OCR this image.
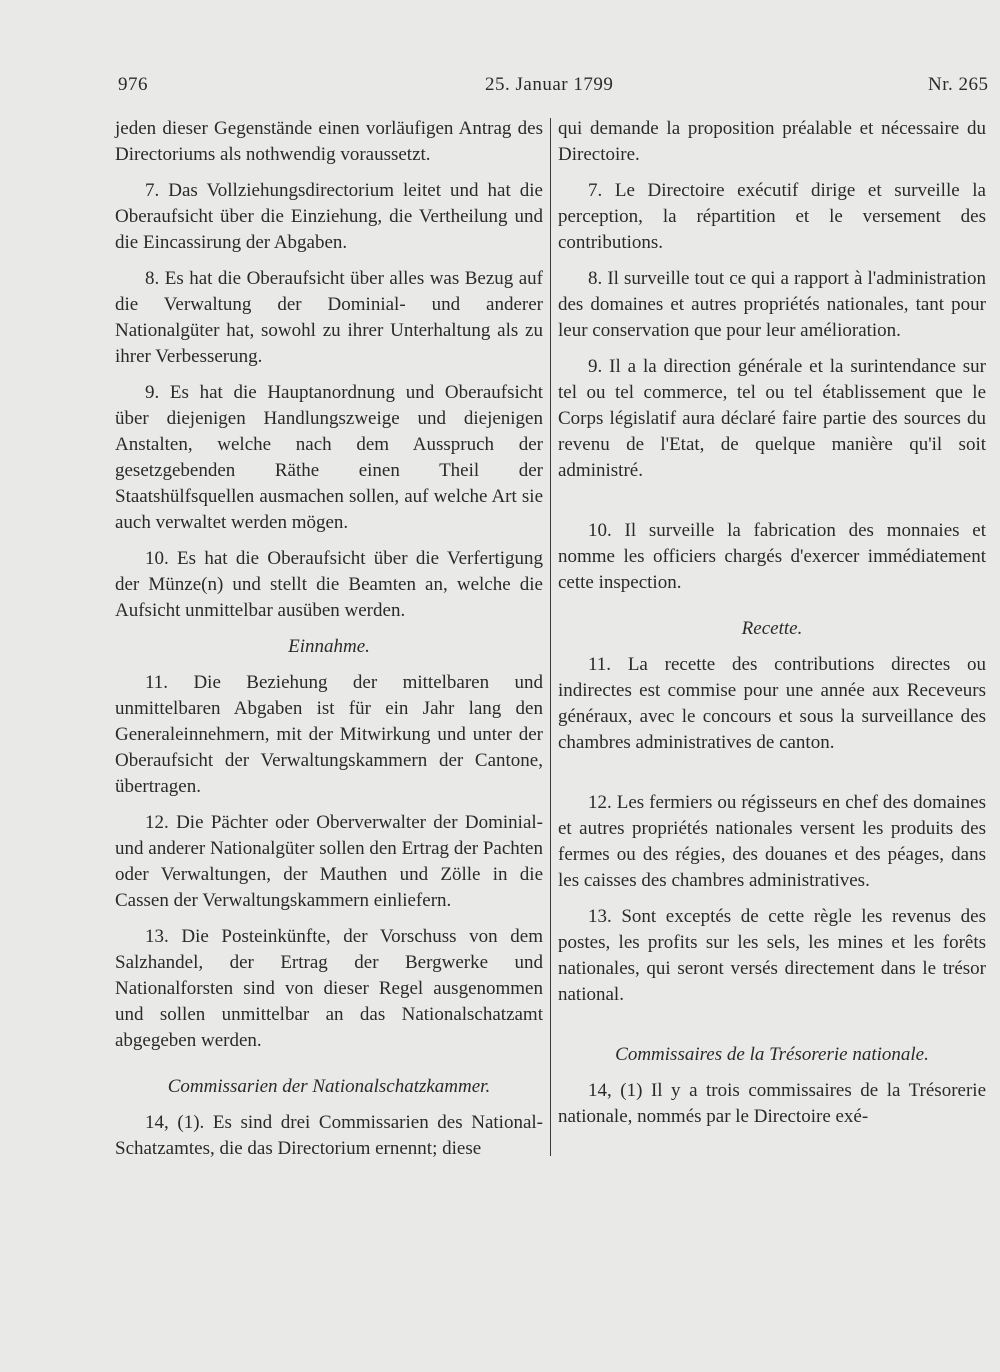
976	25. Januar 1799	Nr. 265

jeden dieser Gegenstände einen vorläufigen Antrag des Directoriums als nothwendig voraussetzt.

7. Das Vollziehungsdirectorium leitet und hat die Oberaufsicht über die Einziehung, die Vertheilung und die Eincassirung der Abgaben.

8. Es hat die Oberaufsicht über alles was Bezug auf die Verwaltung der Dominial- und anderer Nationalgüter hat, sowohl zu ihrer Unterhaltung als zu ihrer Verbesserung.

9. Es hat die Hauptanordnung und Oberaufsicht über diejenigen Handlungszweige und diejenigen Anstalten, welche nach dem Ausspruch der gesetzgebenden Räthe einen Theil der Staatshülfsquellen ausmachen sollen, auf welche Art sie auch verwaltet werden mögen.

10. Es hat die Oberaufsicht über die Verfertigung der Münze(n) und stellt die Beamten an, welche die Aufsicht unmittelbar ausüben werden.

Einnahme.

11. Die Beziehung der mittelbaren und unmittelbaren Abgaben ist für ein Jahr lang den Generaleinnehmern, mit der Mitwirkung und unter der Oberaufsicht der Verwaltungskammern der Cantone, übertragen.

12. Die Pächter oder Oberverwalter der Dominial- und anderer Nationalgüter sollen den Ertrag der Pachten oder Verwaltungen, der Mauthen und Zölle in die Cassen der Verwaltungskammern einliefern.

13. Die Posteinkünfte, der Vorschuss von dem Salzhandel, der Ertrag der Bergwerke und Nationalforsten sind von dieser Regel ausgenommen und sollen unmittelbar an das Nationalschatzamt abgegeben werden.

Commissarien der Nationalschatzkammer.

14, (1). Es sind drei Commissarien des National-Schatzamtes, die das Directorium ernennt; diese

qui demande la proposition préalable et nécessaire du Directoire.

7. Le Directoire exécutif dirige et surveille la perception, la répartition et le versement des contributions.

8. Il surveille tout ce qui a rapport à l'administration des domaines et autres propriétés nationales, tant pour leur conservation que pour leur amélioration.

9. Il a la direction générale et la surintendance sur tel ou tel commerce, tel ou tel établissement que le Corps législatif aura déclaré faire partie des sources du revenu de l'Etat, de quelque manière qu'il soit administré.

10. Il surveille la fabrication des monnaies et nomme les officiers chargés d'exercer immédiatement cette inspection.

Recette.

11. La recette des contributions directes ou indirectes est commise pour une année aux Receveurs généraux, avec le concours et sous la surveillance des chambres administratives de canton.

12. Les fermiers ou régisseurs en chef des domaines et autres propriétés nationales versent les produits des fermes ou des régies, des douanes et des péages, dans les caisses des chambres administratives.

13. Sont exceptés de cette règle les revenus des postes, les profits sur les sels, les mines et les forêts nationales, qui seront versés directement dans le trésor national.

Commissaires de la Trésorerie nationale.

14, (1) Il y a trois commissaires de la Trésorerie nationale, nommés par le Directoire exé-
